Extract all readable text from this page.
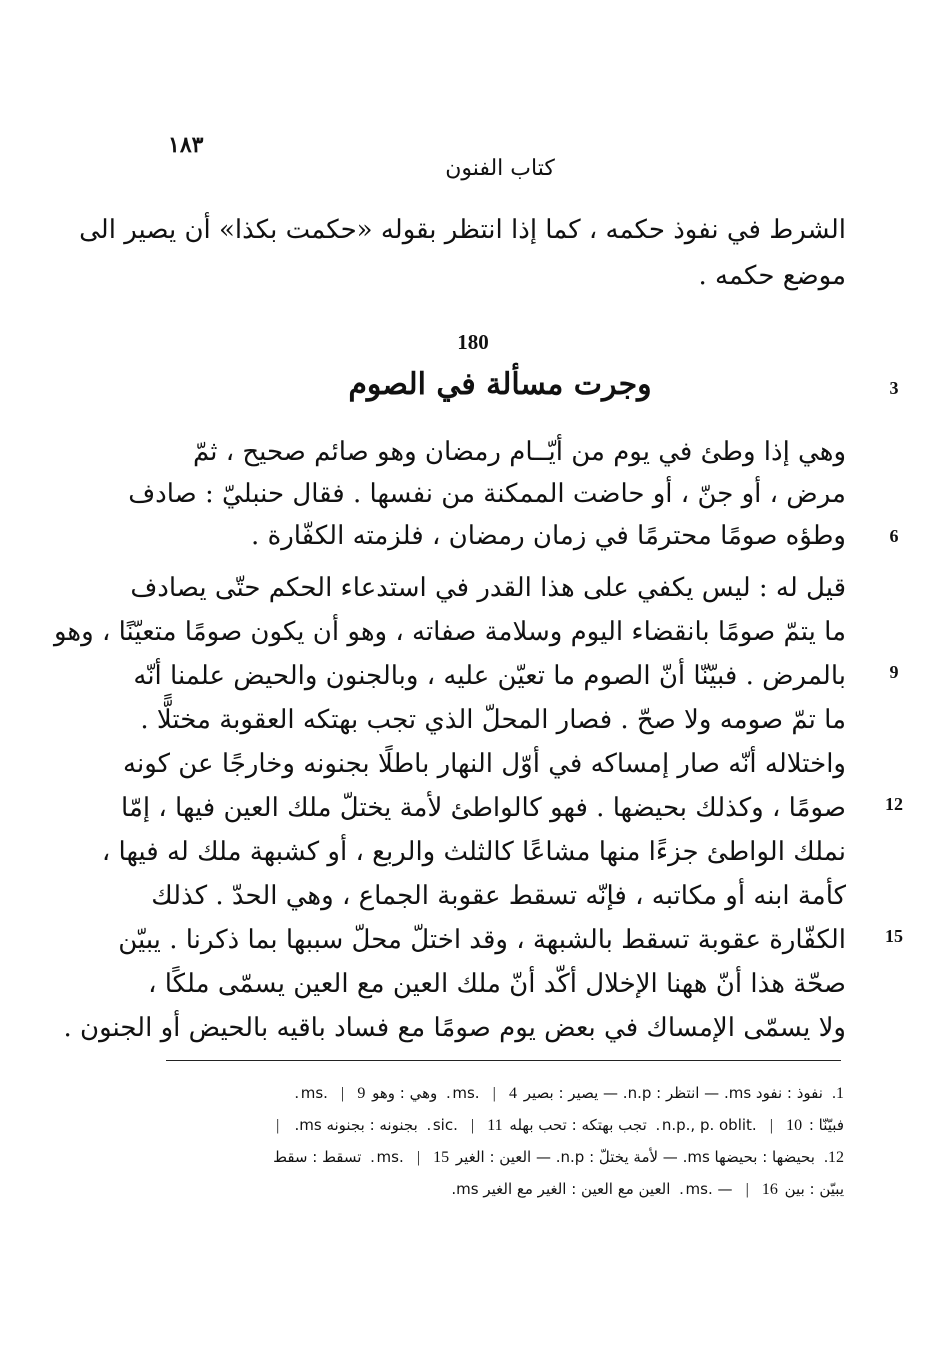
١٨٣
كتاب الفنون
الشرط في نفوذ حكمه ، كما إذا انتظر بقوله «حكمت بكذا» أن يصير الى
موضع حكمه .
180
وجرت مسألة في الصوم
وهي إذا وطئ في يوم من أيّــام رمضان وهو صائم صحيح ، ثمّ
مرض ، أو جنّ ، أو حاضت الممكنة من نفسها . فقال حنبليّ : صادف
وطؤه صومًا محترمًا في زمان رمضان ، فلزمته الكفّارة .
قيل له : ليس يكفي على هذا القدر في استدعاء الحكم حتّى يصادف
ما يتمّ صومًا بانقضاء اليوم وسلامة صفاته ، وهو أن يكون صومًا متعيّنًا ، وهو
بالمرض . فبيّنّا أنّ الصوم ما تعيّن عليه ، وبالجنون والحيض علمنا أنّه
ما تمّ صومه ولا صحّ . فصار المحلّ الذي تجب بهتكه العقوبة مختلًّا .
واختلاله أنّه صار إمساكه في أوّل النهار باطلًا بجنونه وخارجًا عن كونه
صومًا ، وكذلك بحيضها . فهو كالواطئ لأمة يختلّ ملك العين فيها ، إمّا
نملك الواطئ جزءًا منها مشاعًا كالثلث والربع ، أو كشبهة ملك له فيها ،
كأمة ابنه أو مكاتبه ، فإنّه تسقط عقوبة الجماع ، وهي الحدّ . كذلك
الكفّارة عقوبة تسقط بالشبهة ، وقد اختلّ محلّ سببها بما ذكرنا . يبيّن
صحّة هذا أنّ ههنا الإخلال أكّد أنّ ملك العين مع العين يسمّى ملكًا ،
ولا يسمّى الإمساك في بعض يوم صومًا مع فساد باقيه بالحيض أو الجنون .
3
6
9
12
15
1. نفوذ : نفود ms. — انتظر : n.p. — يصير : بصير ms. | 4. وهي : وهو ms. | 9.
فبيّنّا : n.p., p. oblit. | 10. تجب بهتكه : تحب بهله sic. | 11. بجنونه : بجنونه ms. |
12. بحيضها : بحيضها ms. — لأمة يختلّ : n.p. — العين : الغير ms. | 15. تسقط : سقط
يبيّن : بين ms. — | 16. العين مع العين : الغير مع الغير ms.
